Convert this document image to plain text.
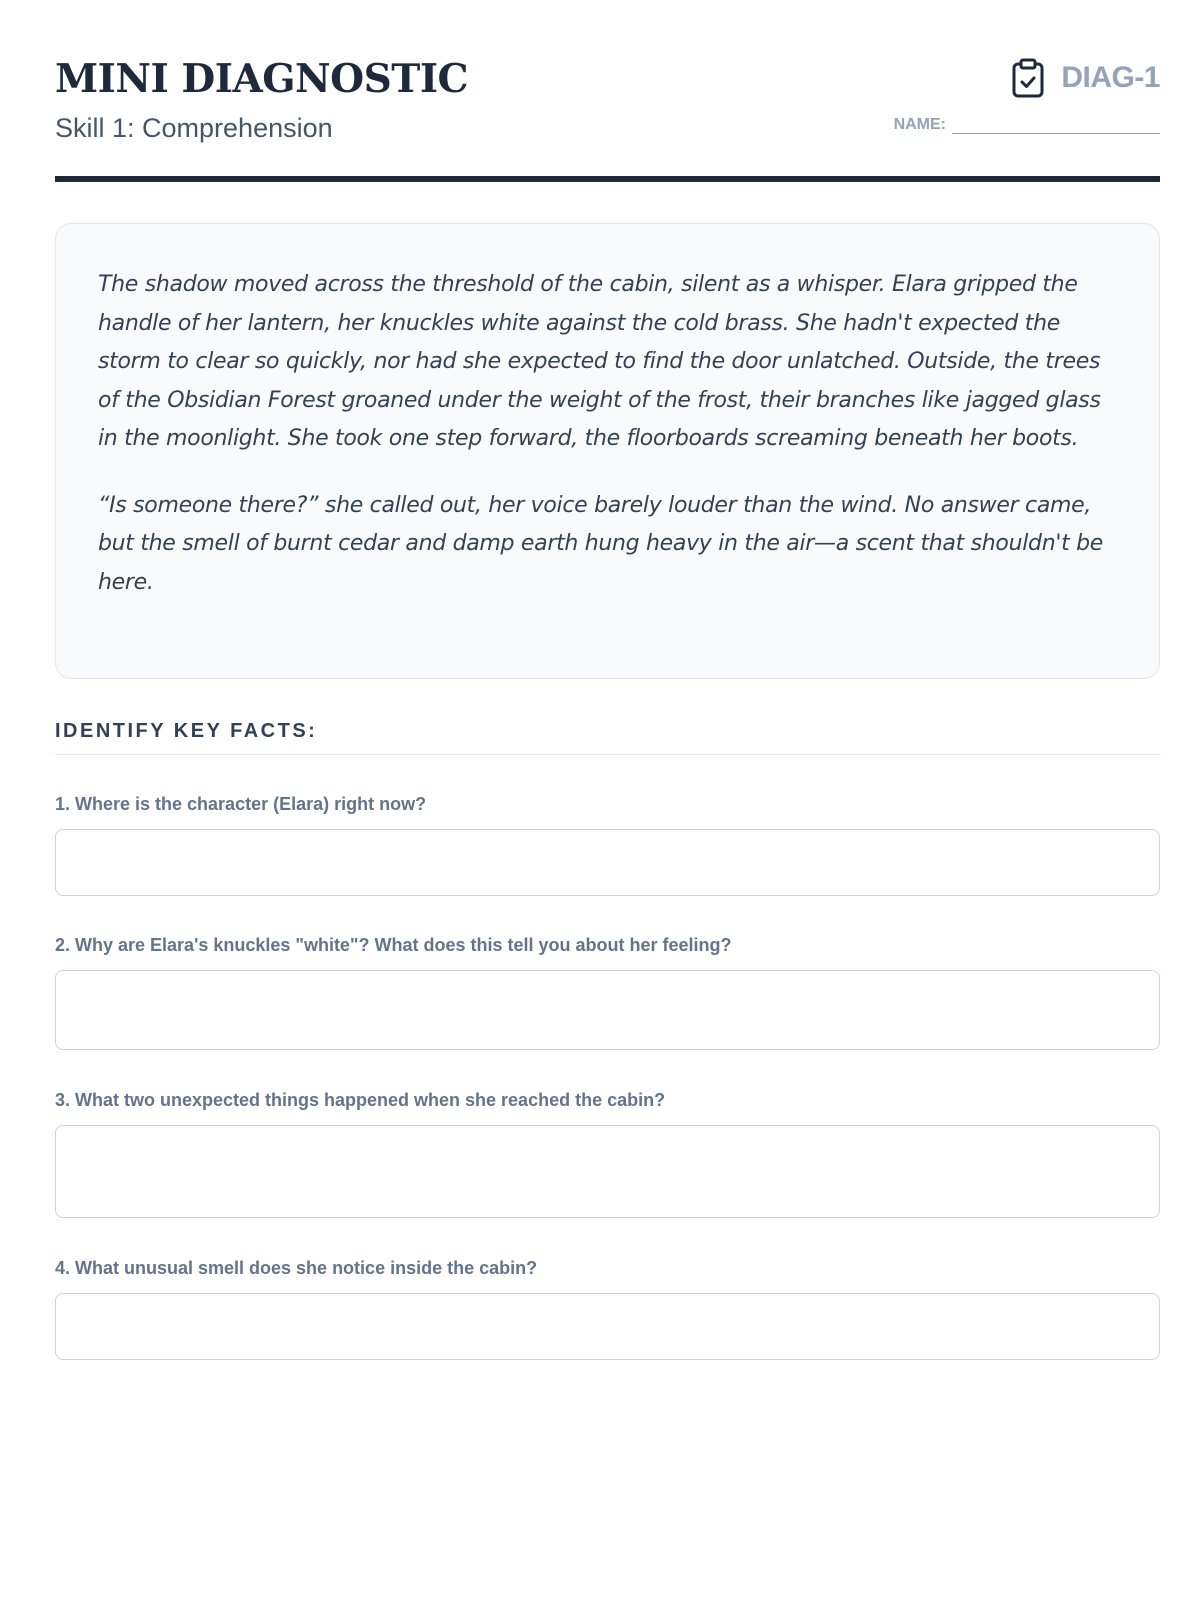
MINI DIAGNOSTIC
Skill 1: Comprehension
DIAG-1
NAME:

The shadow moved across the threshold of the cabin, silent as a whisper. Elara gripped the handle of her lantern, her knuckles white against the cold brass. She hadn't expected the storm to clear so quickly, nor had she expected to find the door unlatched. Outside, the trees of the Obsidian Forest groaned under the weight of the frost, their branches like jagged glass in the moonlight. She took one step forward, the floorboards screaming beneath her boots.

“Is someone there?” she called out, her voice barely louder than the wind. No answer came, but the smell of burnt cedar and damp earth hung heavy in the air—a scent that shouldn't be here.

IDENTIFY KEY FACTS:
1. Where is the character (Elara) right now?
2. Why are Elara's knuckles "white"? What does this tell you about her feeling?
3. What two unexpected things happened when she reached the cabin?
4. What unusual smell does she notice inside the cabin?
